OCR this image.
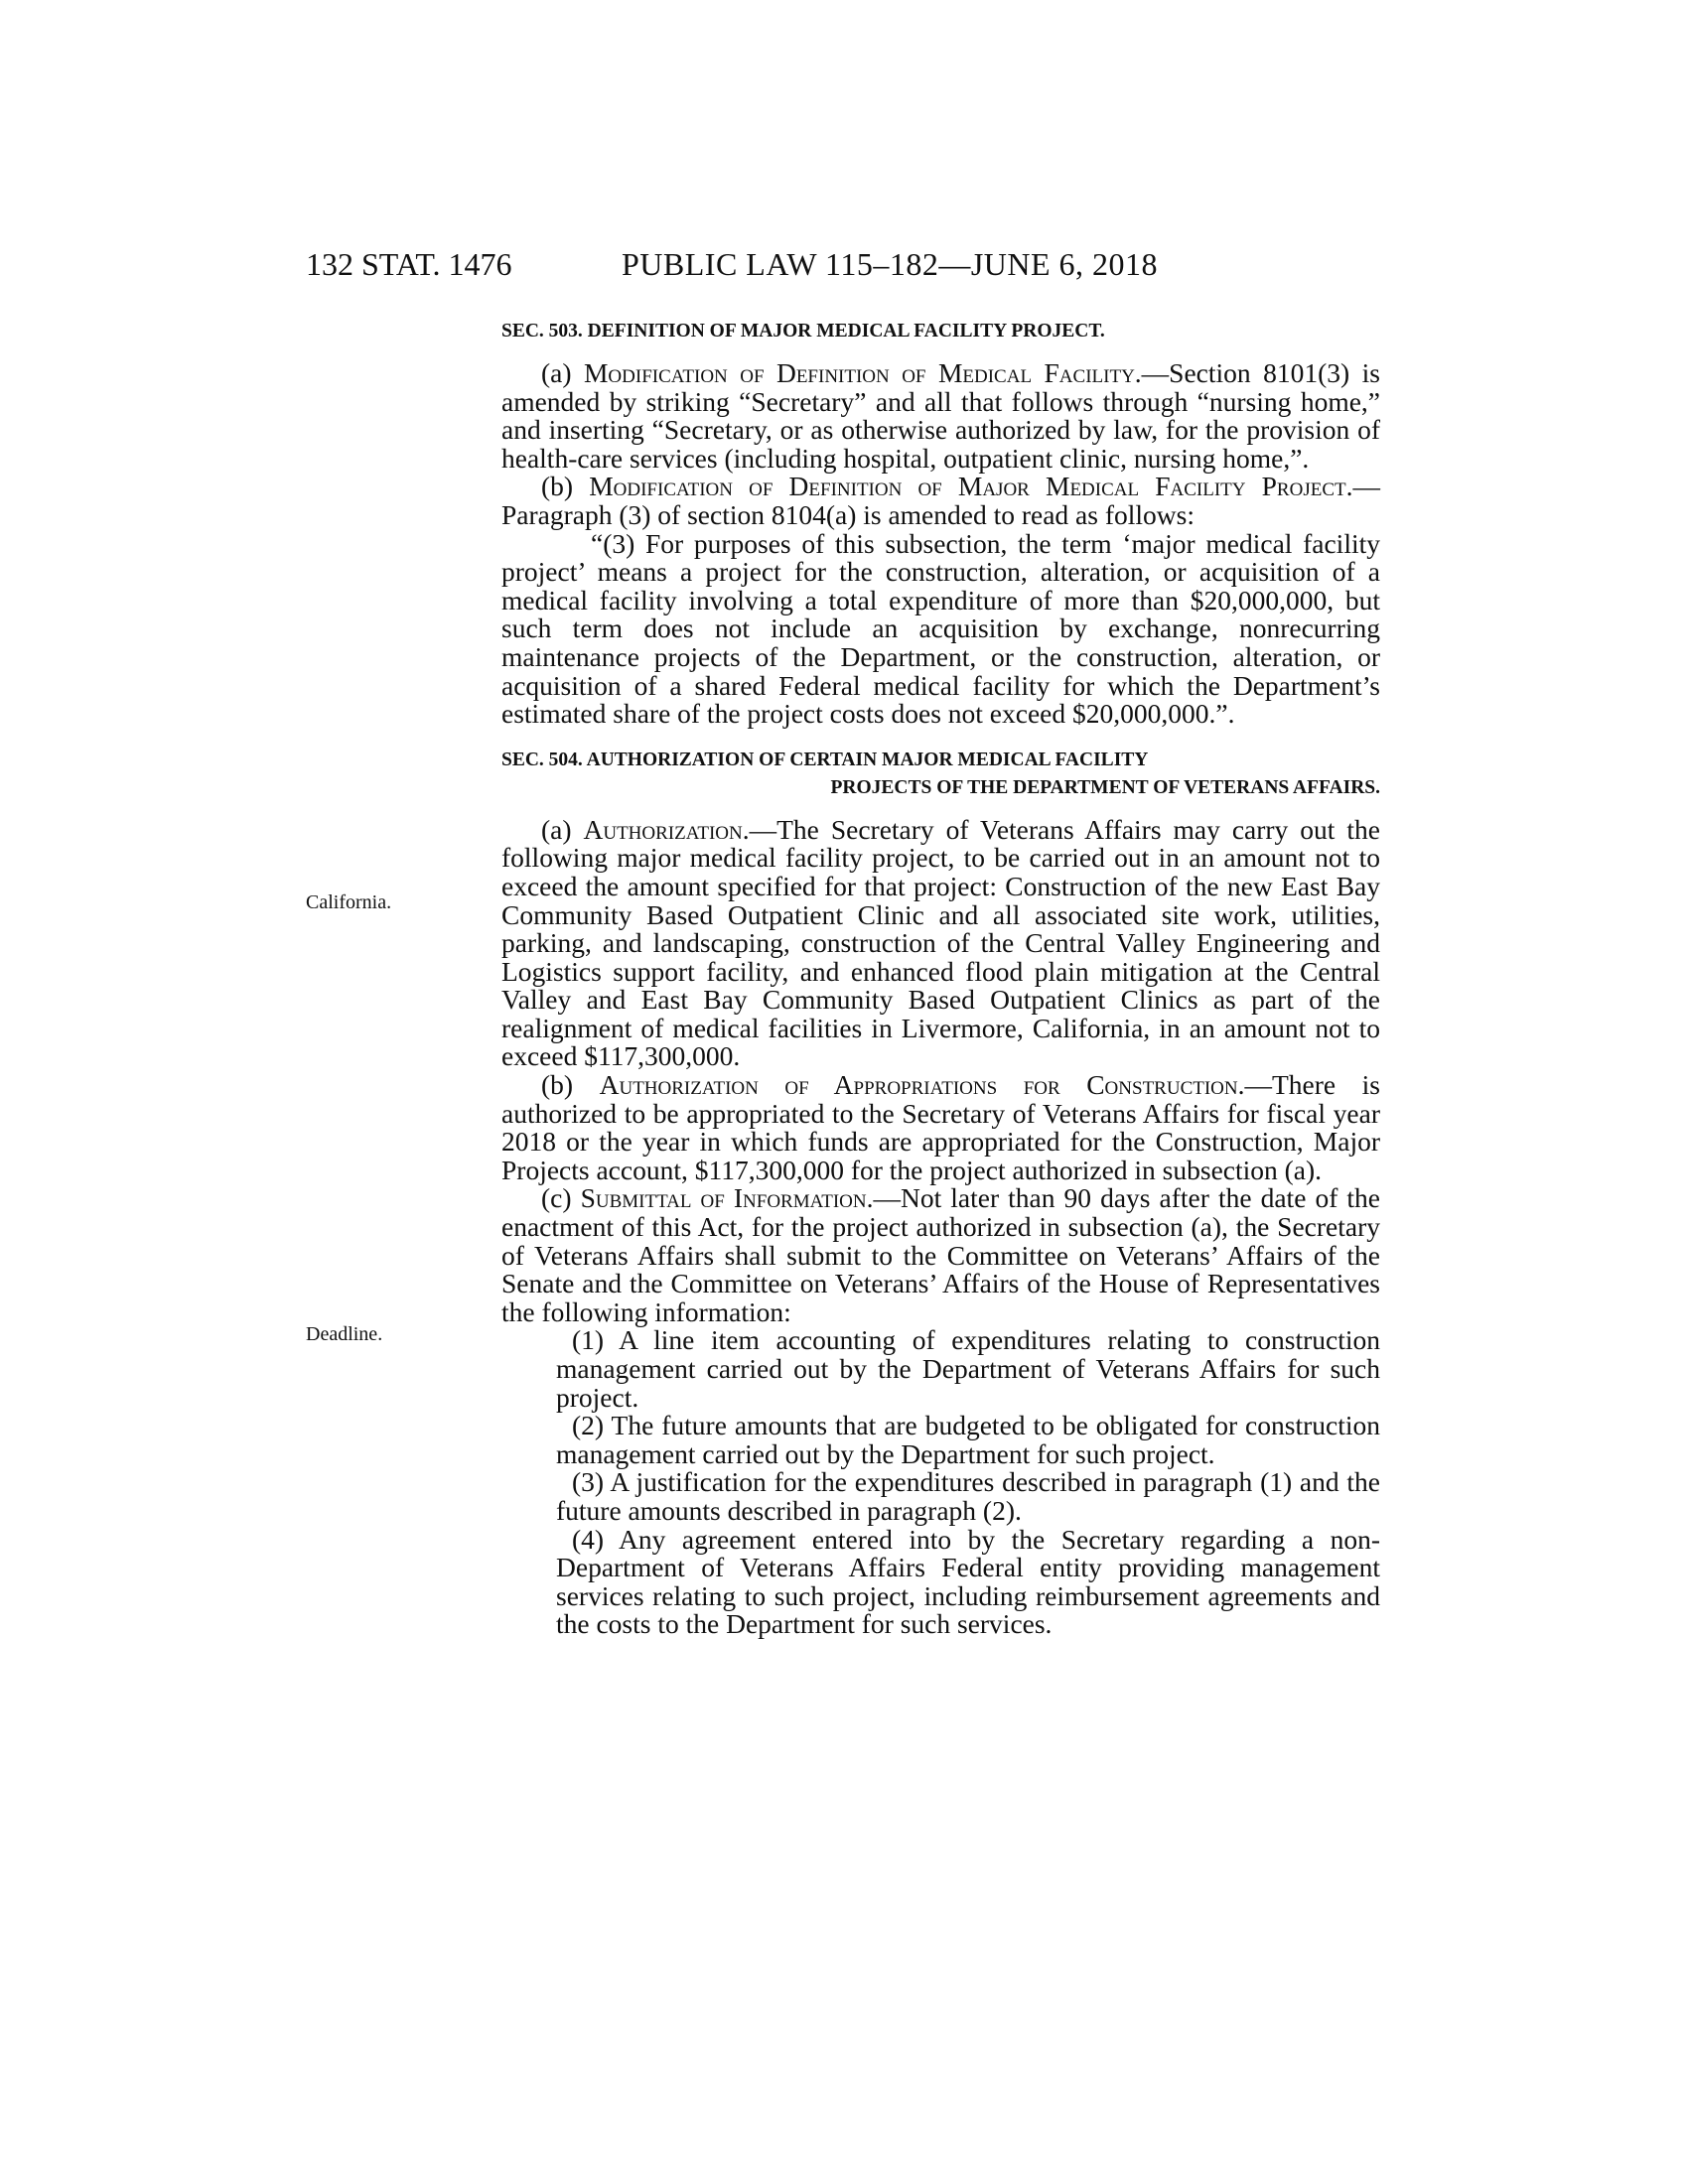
132 STAT. 1476	PUBLIC LAW 115–182—JUNE 6, 2018
California.
Deadline.
SEC. 503. DEFINITION OF MAJOR MEDICAL FACILITY PROJECT.

(a) Modification of Definition of Medical Facility.—Section 8101(3) is amended by striking “Secretary” and all that follows through “nursing home,” and inserting “Secretary, or as otherwise authorized by law, for the provision of health-care services (including hospital, outpatient clinic, nursing home,”.

(b) Modification of Definition of Major Medical Facility Project.—Paragraph (3) of section 8104(a) is amended to read as follows:

“(3) For purposes of this subsection, the term ‘major medical facility project’ means a project for the construction, alteration, or acquisition of a medical facility involving a total expenditure of more than $20,000,000, but such term does not include an acquisition by exchange, nonrecurring maintenance projects of the Department, or the construction, alteration, or acquisition of a shared Federal medical facility for which the Department’s estimated share of the project costs does not exceed $20,000,000.”.

SEC. 504. AUTHORIZATION OF CERTAIN MAJOR MEDICAL FACILITY
PROJECTS OF THE DEPARTMENT OF VETERANS AFFAIRS.

(a) Authorization.—The Secretary of Veterans Affairs may carry out the following major medical facility project, to be carried out in an amount not to exceed the amount specified for that project: Construction of the new East Bay Community Based Outpatient Clinic and all associated site work, utilities, parking, and landscaping, construction of the Central Valley Engineering and Logistics support facility, and enhanced flood plain mitigation at the Central Valley and East Bay Community Based Outpatient Clinics as part of the realignment of medical facilities in Livermore, California, in an amount not to exceed $117,300,000.

(b) Authorization of Appropriations for Construction.—There is authorized to be appropriated to the Secretary of Veterans Affairs for fiscal year 2018 or the year in which funds are appropriated for the Construction, Major Projects account, $117,300,000 for the project authorized in subsection (a).

(c) Submittal of Information.—Not later than 90 days after the date of the enactment of this Act, for the project authorized in subsection (a), the Secretary of Veterans Affairs shall submit to the Committee on Veterans’ Affairs of the Senate and the Committee on Veterans’ Affairs of the House of Representatives the following information:

(1) A line item accounting of expenditures relating to construction management carried out by the Department of Veterans Affairs for such project.

(2) The future amounts that are budgeted to be obligated for construction management carried out by the Department for such project.

(3) A justification for the expenditures described in paragraph (1) and the future amounts described in paragraph (2).

(4) Any agreement entered into by the Secretary regarding a non-Department of Veterans Affairs Federal entity providing management services relating to such project, including reimbursement agreements and the costs to the Department for such services.
